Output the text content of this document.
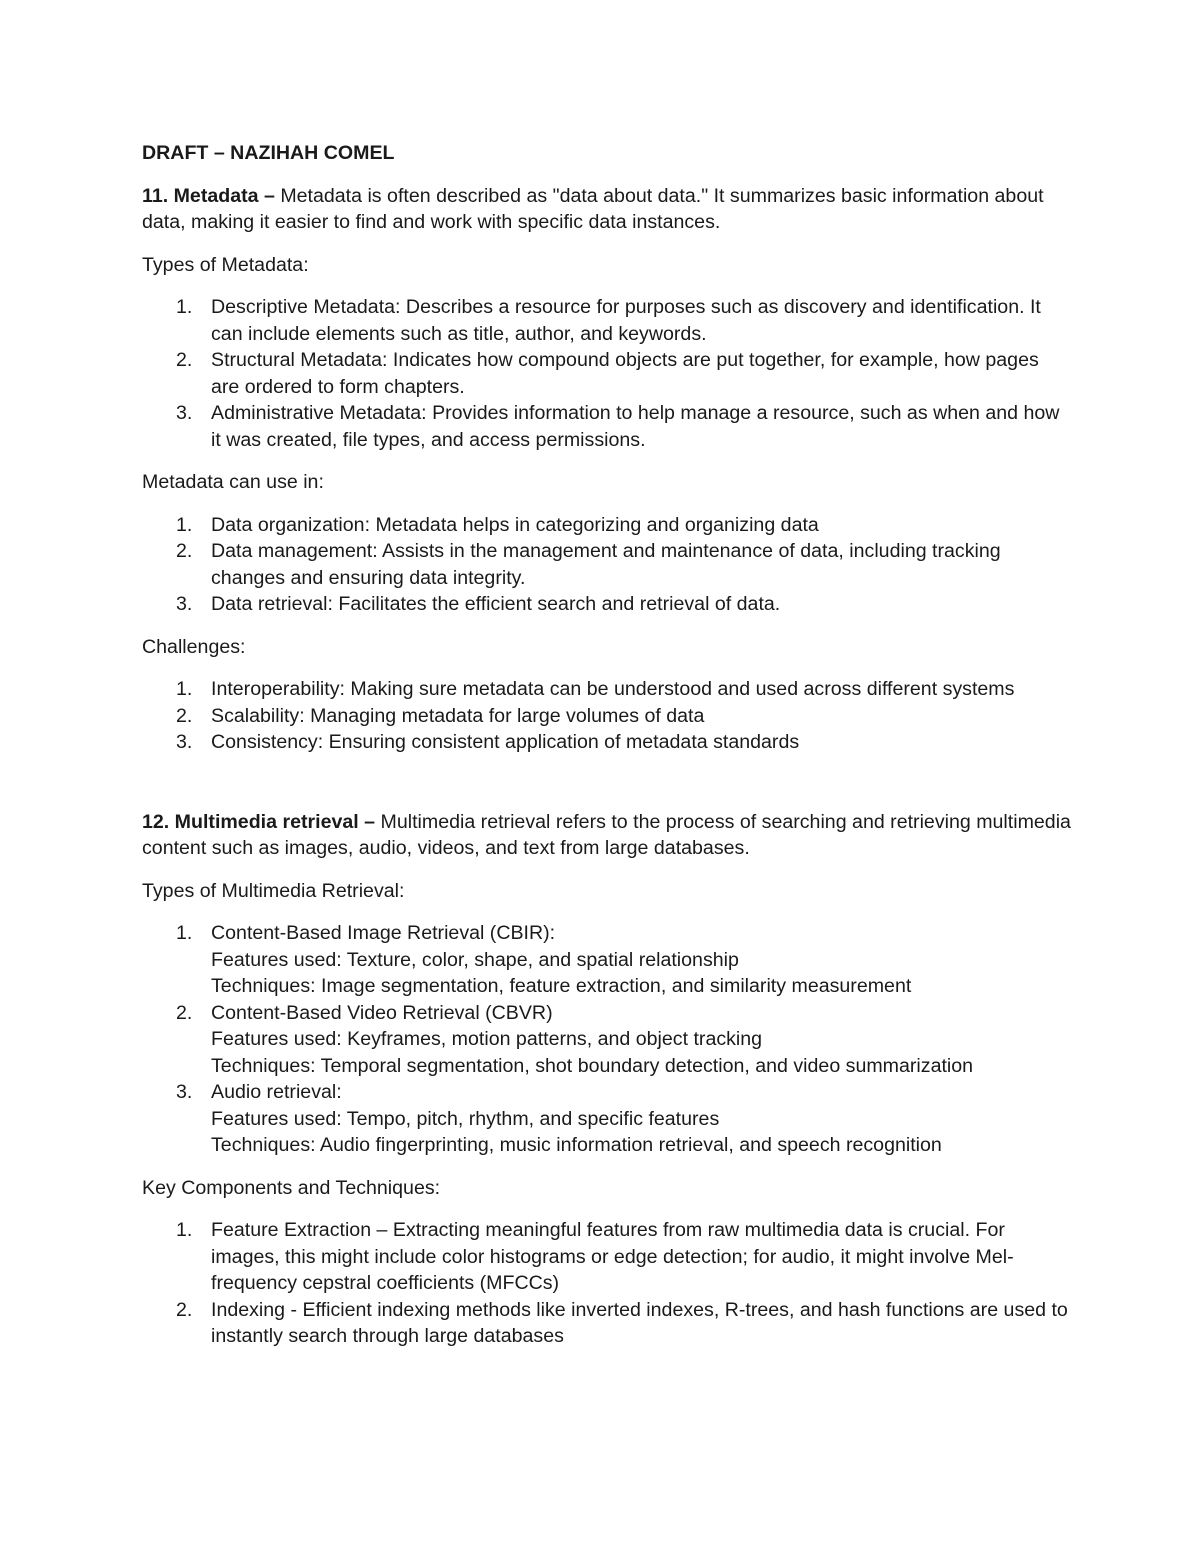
DRAFT – NAZIHAH COMEL

11. Metadata – Metadata is often described as "data about data." It summarizes basic information about data, making it easier to find and work with specific data instances.

Types of Metadata:

1. Descriptive Metadata: Describes a resource for purposes such as discovery and identification. It can include elements such as title, author, and keywords.
2. Structural Metadata: Indicates how compound objects are put together, for example, how pages are ordered to form chapters.
3. Administrative Metadata: Provides information to help manage a resource, such as when and how it was created, file types, and access permissions.

Metadata can use in:

1. Data organization: Metadata helps in categorizing and organizing data
2. Data management: Assists in the management and maintenance of data, including tracking changes and ensuring data integrity.
3. Data retrieval: Facilitates the efficient search and retrieval of data.

Challenges:

1. Interoperability: Making sure metadata can be understood and used across different systems
2. Scalability: Managing metadata for large volumes of data
3. Consistency: Ensuring consistent application of metadata standards

12. Multimedia retrieval – Multimedia retrieval refers to the process of searching and retrieving multimedia content such as images, audio, videos, and text from large databases.

Types of Multimedia Retrieval:

1. Content-Based Image Retrieval (CBIR):
Features used: Texture, color, shape, and spatial relationship
Techniques: Image segmentation, feature extraction, and similarity measurement
2. Content-Based Video Retrieval (CBVR)
Features used: Keyframes, motion patterns, and object tracking
Techniques: Temporal segmentation, shot boundary detection, and video summarization
3. Audio retrieval:
Features used: Tempo, pitch, rhythm, and specific features
Techniques: Audio fingerprinting, music information retrieval, and speech recognition

Key Components and Techniques:

1. Feature Extraction – Extracting meaningful features from raw multimedia data is crucial. For images, this might include color histograms or edge detection; for audio, it might involve Mel-frequency cepstral coefficients (MFCCs)
2. Indexing - Efficient indexing methods like inverted indexes, R-trees, and hash functions are used to instantly search through large databases
